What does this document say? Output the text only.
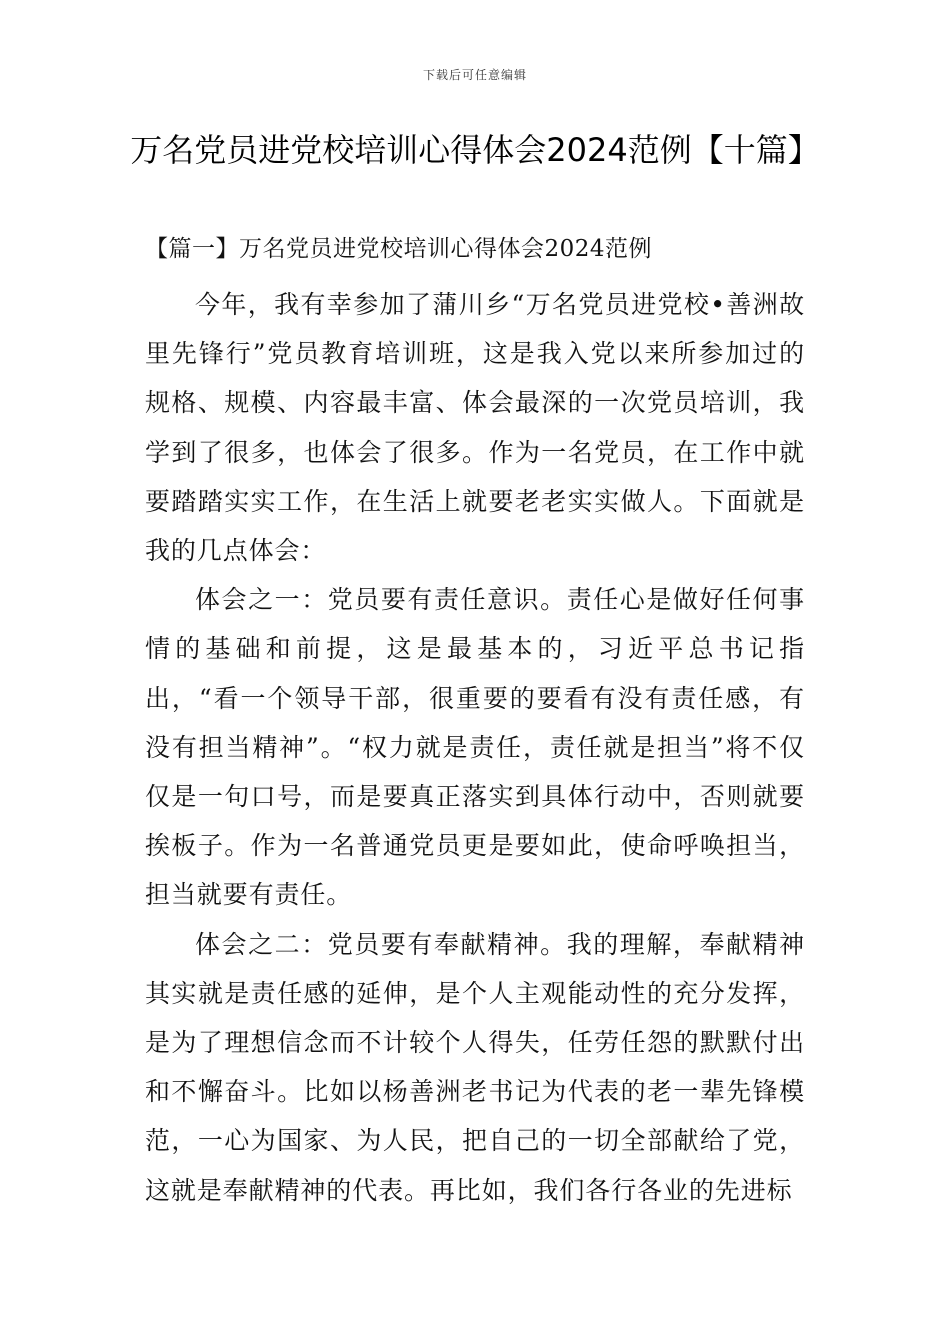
下载后可任意编辑
万名党员进党校培训心得体会2024范例【十篇】
【篇一】万名党员进党校培训心得体会2024范例

今年，我有幸参加了蒲川乡“万名党员进党校•善洲故里先锋行”党员教育培训班，这是我入党以来所参加过的规格、规模、内容最丰富、体会最深的一次党员培训，我学到了很多，也体会了很多。作为一名党员，在工作中就要踏踏实实工作，在生活上就要老老实实做人。下面就是我的几点体会：

体会之一：党员要有责任意识。责任心是做好任何事情的基础和前提，这是最基本的，习近平总书记指出，“看一个领导干部，很重要的要看有没有责任感，有没有担当精神”。“权力就是责任，责任就是担当”将不仅仅是一句口号，而是要真正落实到具体行动中，否则就要挨板子。作为一名普通党员更是要如此，使命呼唤担当，担当就要有责任。

体会之二：党员要有奉献精神。我的理解，奉献精神其实就是责任感的延伸，是个人主观能动性的充分发挥，是为了理想信念而不计较个人得失，任劳任怨的默默付出和不懈奋斗。比如以杨善洲老书记为代表的老一辈先锋模范，一心为国家、为人民，把自己的一切全部献给了党，这就是奉献精神的代表。再比如，我们各行各业的先进标
